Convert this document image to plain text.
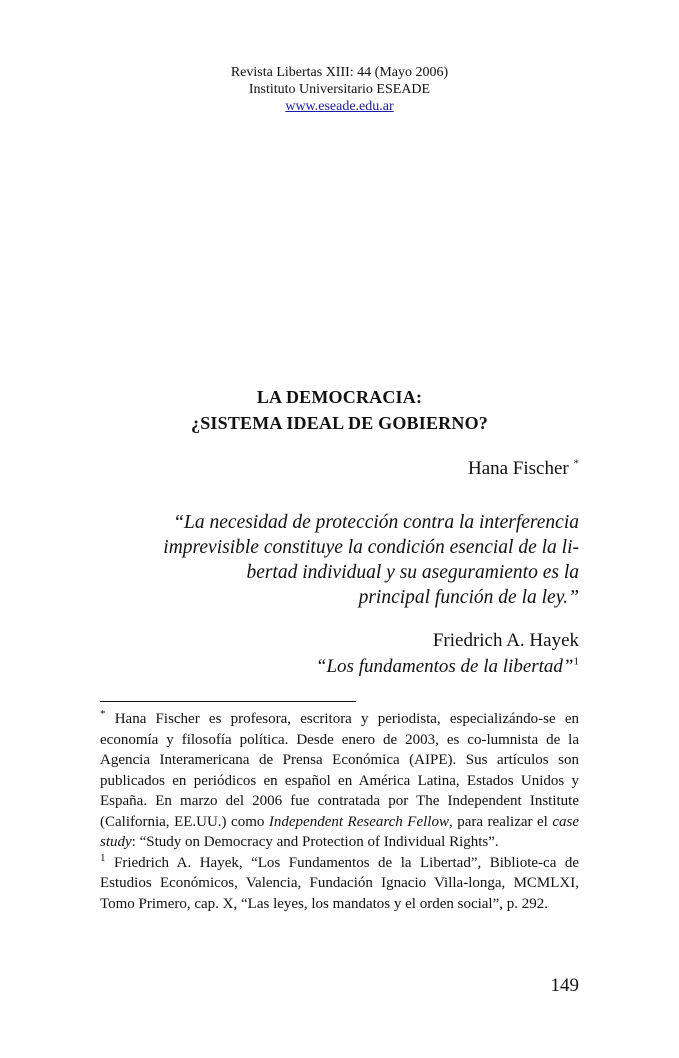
Revista Libertas XIII: 44 (Mayo 2006)
Instituto Universitario ESEADE
www.eseade.edu.ar
LA DEMOCRACIA:
¿SISTEMA IDEAL DE GOBIERNO?
Hana Fischer *
“La necesidad de protección contra la interferencia
imprevisible constituye la condición esencial de la li-
bertad individual y su aseguramiento es la
principal función de la ley.”
Friedrich A. Hayek
“Los fundamentos de la libertad”$^1$

* Hana Fischer es profesora, escritora y periodista, especializándo-se en economía y filosofía política. Desde enero de 2003, es co-lumnista de la Agencia Interamericana de Prensa Económica (AIPE). Sus artículos son publicados en periódicos en español en América Latina, Estados Unidos y España. En marzo del 2006 fue contratada por The Independent Institute (California, EE.UU.) como Independent Research Fellow, para realizar el case study: “Study on Democracy and Protection of Individual Rights”.

$^1$ Friedrich A. Hayek, “Los Fundamentos de la Libertad”, Bibliote-ca de Estudios Económicos, Valencia, Fundación Ignacio Villa-longa, MCMLXI, Tomo Primero, cap. X, “Las leyes, los mandatos y el orden social”, p. 292.

149
